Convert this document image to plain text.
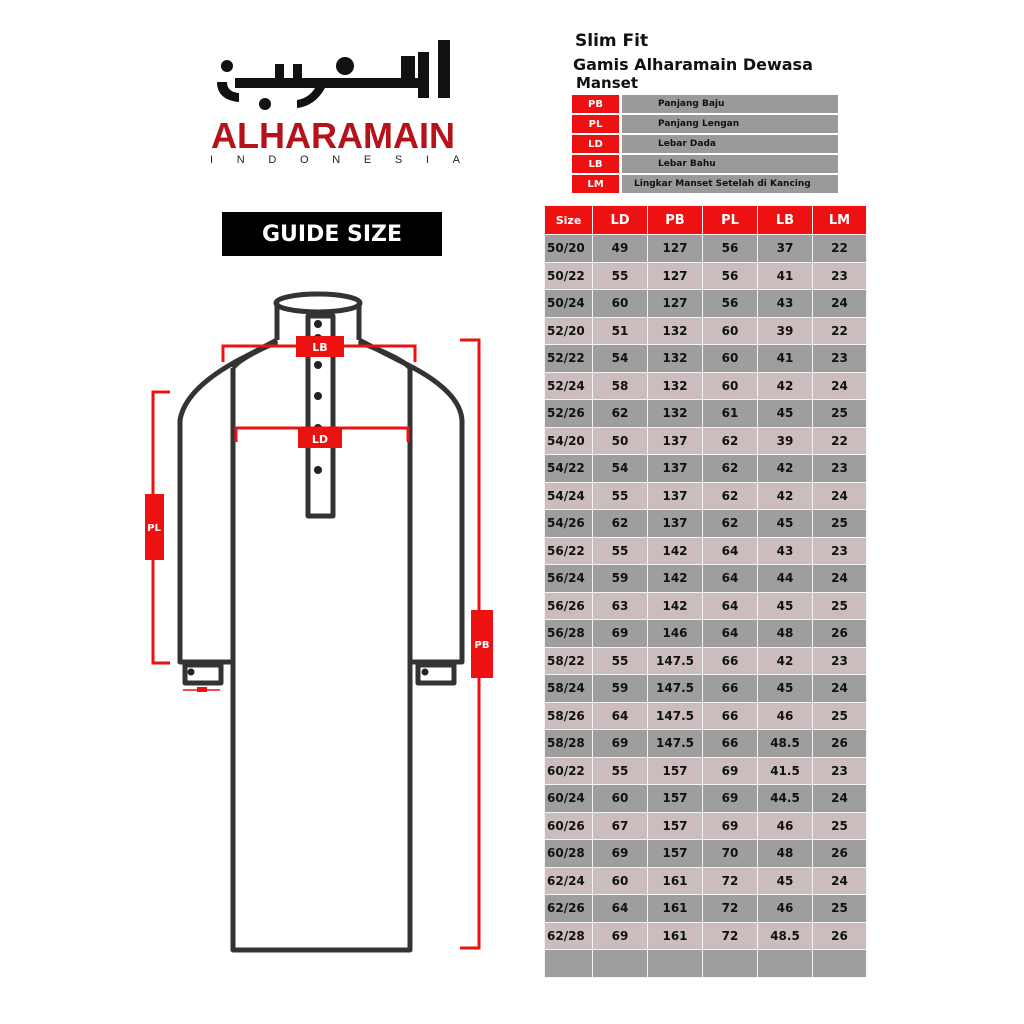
ALHARAMAIN
I N D O N E S I A
GUIDE SIZE
LB
LD
PL
PB
Slim Fit
Gamis Alharamain Dewasa
Manset
PB	Panjang Baju
PL	Panjang Lengan
LD	Lebar Dada
LB	Lebar Bahu
LM	Lingkar Manset Setelah di Kancing
Size	LD	PB	PL	LB	LM
50/20	49	127	56	37	22
50/22	55	127	56	41	23
50/24	60	127	56	43	24
52/20	51	132	60	39	22
52/22	54	132	60	41	23
52/24	58	132	60	42	24
52/26	62	132	61	45	25
54/20	50	137	62	39	22
54/22	54	137	62	42	23
54/24	55	137	62	42	24
54/26	62	137	62	45	25
56/22	55	142	64	43	23
56/24	59	142	64	44	24
56/26	63	142	64	45	25
56/28	69	146	64	48	26
58/22	55	147.5	66	42	23
58/24	59	147.5	66	45	24
58/26	64	147.5	66	46	25
58/28	69	147.5	66	48.5	26
60/22	55	157	69	41.5	23
60/24	60	157	69	44.5	24
60/26	67	157	69	46	25
60/28	69	157	70	48	26
62/24	60	161	72	45	24
62/26	64	161	72	46	25
62/28	69	161	72	48.5	26
